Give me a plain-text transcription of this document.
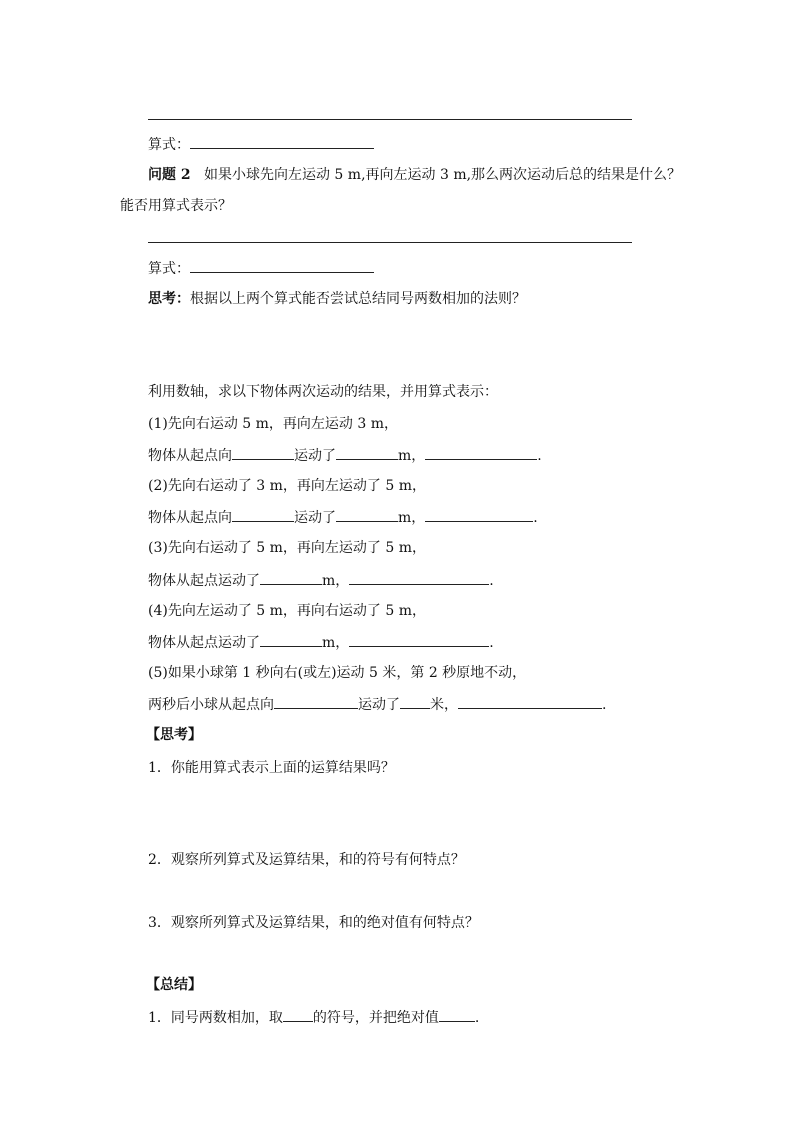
算式：
问题 2 如果小球先向左运动 5 m,再向左运动 3 m,那么两次运动后总的结果是什么？
能否用算式表示？
算式：
思考：根据以上两个算式能否尝试总结同号两数相加的法则？
利用数轴，求以下物体两次运动的结果，并用算式表示：
(1)先向右运动 5 m，再向左运动 3 m，
物体从起点向	运动了	m，	.
(2)先向右运动了 3 m，再向左运动了 5 m，
物体从起点向	运动了	m，	.
(3)先向右运动了 5 m，再向左运动了 5 m，
物体从起点运动了	m，	.
(4)先向左运动了 5 m，再向右运动了 5 m，
物体从起点运动了	m，	.
(5)如果小球第 1 秒向右(或左)运动 5 米，第 2 秒原地不动，
两秒后小球从起点向	运动了 米，	.
【思考】
1．你能用算式表示上面的运算结果吗？
2．观察所列算式及运算结果，和的符号有何特点？
3．观察所列算式及运算结果，和的绝对值有何特点？
【总结】
1．同号两数相加，取 的符号，并把绝对值	.
